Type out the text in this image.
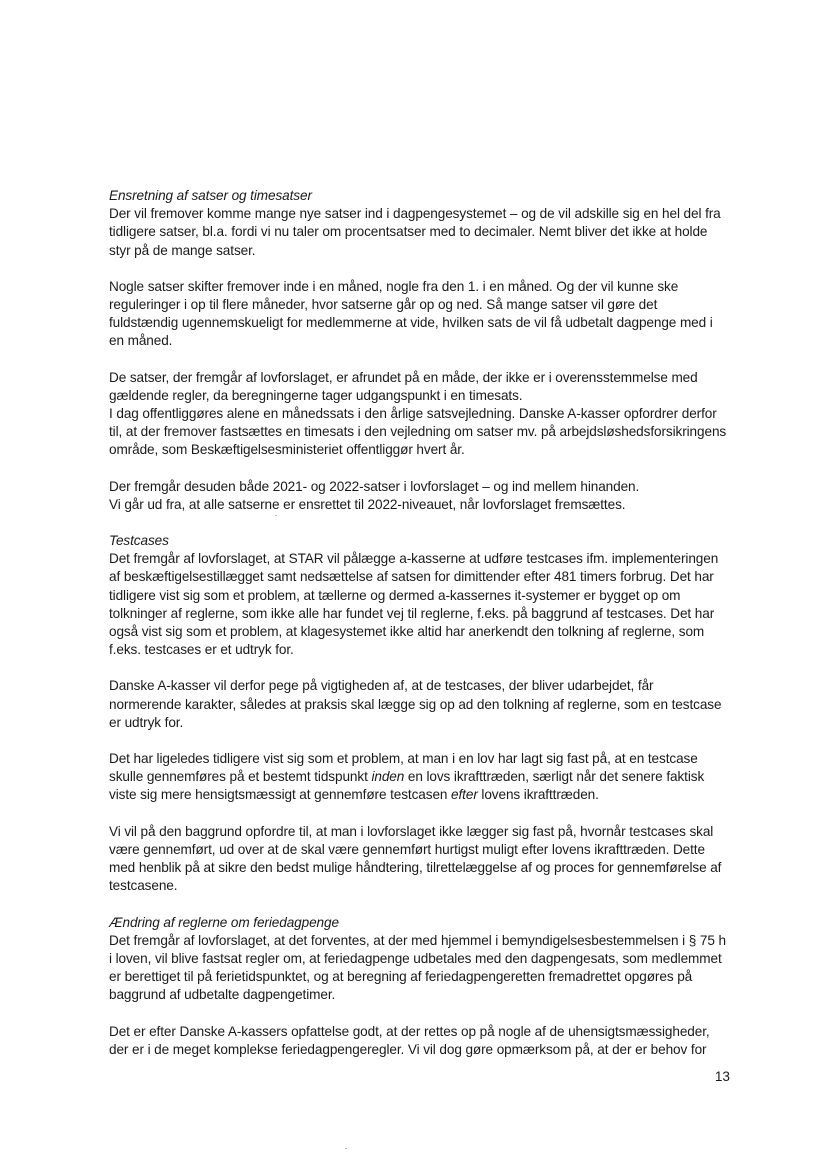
Ensretning af satser og timesatser
Der vil fremover komme mange nye satser ind i dagpengesystemet – og de vil adskille sig en hel del fra tidligere satser, bl.a. fordi vi nu taler om procentsatser med to decimaler. Nemt bliver det ikke at holde styr på de mange satser.

Nogle satser skifter fremover inde i en måned, nogle fra den 1. i en måned. Og der vil kunne ske reguleringer i op til flere måneder, hvor satserne går op og ned. Så mange satser vil gøre det fuldstændig ugennemskueligt for medlemmerne at vide, hvilken sats de vil få udbetalt dagpenge med i en måned.

De satser, der fremgår af lovforslaget, er afrundet på en måde, der ikke er i overensstemmelse med gældende regler, da beregningerne tager udgangspunkt i en timesats.

I dag offentliggøres alene en månedssats i den årlige satsvejledning. Danske A-kasser opfordrer derfor til, at der fremover fastsættes en timesats i den vejledning om satser mv. på arbejdsløshedsforsikringens område, som Beskæftigelsesministeriet offentliggør hvert år.

Der fremgår desuden både 2021- og 2022-satser i lovforslaget – og ind mellem hinanden.

Vi går ud fra, at alle satserne er ensrettet til 2022-niveauet, når lovforslaget fremsættes.

Testcases
Det fremgår af lovforslaget, at STAR vil pålægge a-kasserne at udføre testcases ifm. implementeringen af beskæftigelsestillægget samt nedsættelse af satsen for dimittender efter 481 timers forbrug. Det har tidligere vist sig som et problem, at tællerne og dermed a-kassernes it-systemer er bygget op om tolkninger af reglerne, som ikke alle har fundet vej til reglerne, f.eks. på baggrund af testcases. Det har også vist sig som et problem, at klagesystemet ikke altid har anerkendt den tolkning af reglerne, som f.eks. testcases er et udtryk for.

Danske A-kasser vil derfor pege på vigtigheden af, at de testcases, der bliver udarbejdet, får normerende karakter, således at praksis skal lægge sig op ad den tolkning af reglerne, som en testcase er udtryk for.

Det har ligeledes tidligere vist sig som et problem, at man i en lov har lagt sig fast på, at en testcase skulle gennemføres på et bestemt tidspunkt inden en lovs ikrafttræden, særligt når det senere faktisk viste sig mere hensigtsmæssigt at gennemføre testcasen efter lovens ikrafttræden.

Vi vil på den baggrund opfordre til, at man i lovforslaget ikke lægger sig fast på, hvornår testcases skal være gennemført, ud over at de skal være gennemført hurtigst muligt efter lovens ikrafttræden. Dette med henblik på at sikre den bedst mulige håndtering, tilrettelæggelse af og proces for gennemførelse af testcasene.

Ændring af reglerne om feriedagpenge
Det fremgår af lovforslaget, at det forventes, at der med hjemmel i bemyndigelsesbestemmelsen i § 75 h i loven, vil blive fastsat regler om, at feriedagpenge udbetales med den dagpengesats, som medlemmet er berettiget til på ferietidspunktet, og at beregning af feriedagpengeretten fremadrettet opgøres på baggrund af udbetalte dagpengetimer.

Det er efter Danske A-kassers opfattelse godt, at der rettes op på nogle af de uhensigtsmæssigheder, der er i de meget komplekse feriedagpengeregler. Vi vil dog gøre opmærksom på, at der er behov for

13
